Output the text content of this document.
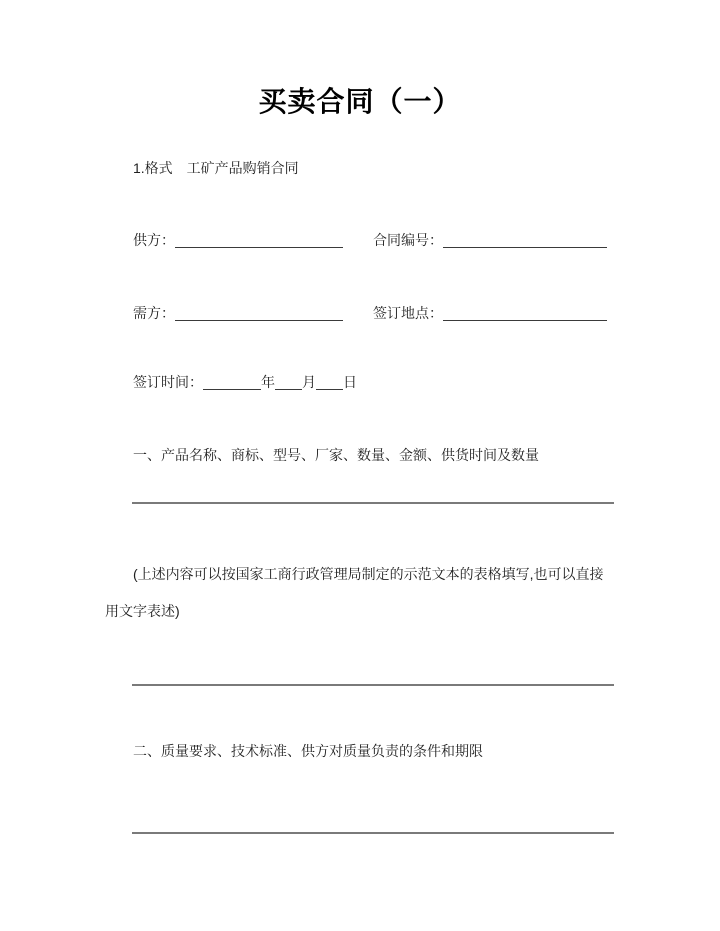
买卖合同（一）
1.格式　工矿产品购销合同
供方：	合同编号：
需方：	签订地点：
签订时间：	年 月 日
一、产品名称、商标、型号、厂家、数量、金额、供货时间及数量
(上述内容可以按国家工商行政管理局制定的示范文本的表格填写,也可以直接
用文字表述)
二、质量要求、技术标准、供方对质量负责的条件和期限
